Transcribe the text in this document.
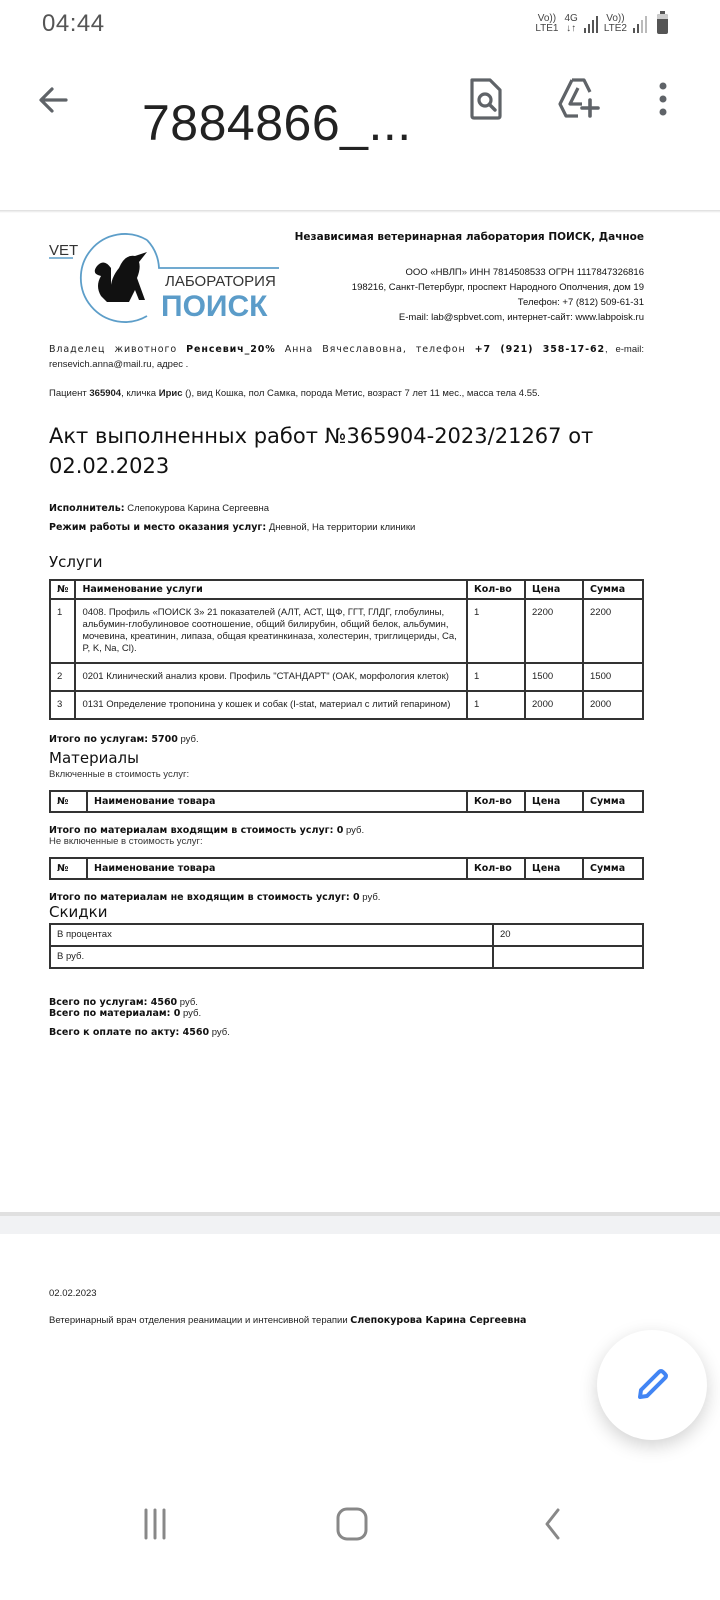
04:44	Vo))
LTE1
4G
↓↑
Vo))
LTE2
7884866_...
VET
ЛАБОРАТОРИЯ
ПОИСК
Независимая ветеринарная лаборатория ПОИСК, Дачное
ООО «НВЛП» ИНН 7814508533 ОГРН 1117847326816
198216, Санкт-Петербург, проспект Народного Ополчения, дом 19
Телефон: +7 (812) 509-61-31
E-mail: lab@spbvet.com, интернет-сайт: www.labpoisk.ru
Владелец животного Ренсевич_20% Анна Вячеславовна, телефон +7 (921) 358-17-62, e-mail: rensevich.anna@mail.ru, адрес .
Пациент 365904, кличка Ирис (), вид Кошка, пол Самка, порода Метис, возраст 7 лет 11 мес., масса тела 4.55.
Акт выполненных работ №365904-2023/21267 от 02.02.2023
Исполнитель: Слепокурова Карина Сергеевна
Режим работы и место оказания услуг: Дневной, На территории клиники
Услуги
№	Наименование услуги	Кол-во	Цена	Сумма
1	0408. Профиль «ПОИСК 3» 21 показателей (АЛТ, АСТ, ЩФ, ГГТ, ГЛДГ, глобулины, альбумин-глобулиновое соотношение, общий билирубин, общий белок, альбумин, мочевина, креатинин, липаза, общая креатинкиназа, холестерин, триглицериды, Ca, P, K, Na, Cl).	1	2200	2200
2	0201 Клинический анализ крови. Профиль "СТАНДАРТ" (ОАК, морфология клеток)	1	1500	1500
3	0131 Определение тропонина у кошек и собак (I-stat, материал с литий гепарином)	1	2000	2000
Итого по услугам: 5700 руб.
Материалы
Включенные в стоимость услуг:
№	Наименование товара	Кол-во	Цена	Сумма
Итого по материалам входящим в стоимость услуг: 0 руб.
Не включенные в стоимость услуг:
№	Наименование товара	Кол-во	Цена	Сумма
Итого по материалам не входящим в стоимость услуг: 0 руб.
Скидки
В процентах	20
В руб.	
Всего по услугам: 4560 руб.
Всего по материалам: 0 руб.
Всего к оплате по акту: 4560 руб.
02.02.2023
Ветеринарный врач отделения реанимации и интенсивной терапии Слепокурова Карина Сергеевна
